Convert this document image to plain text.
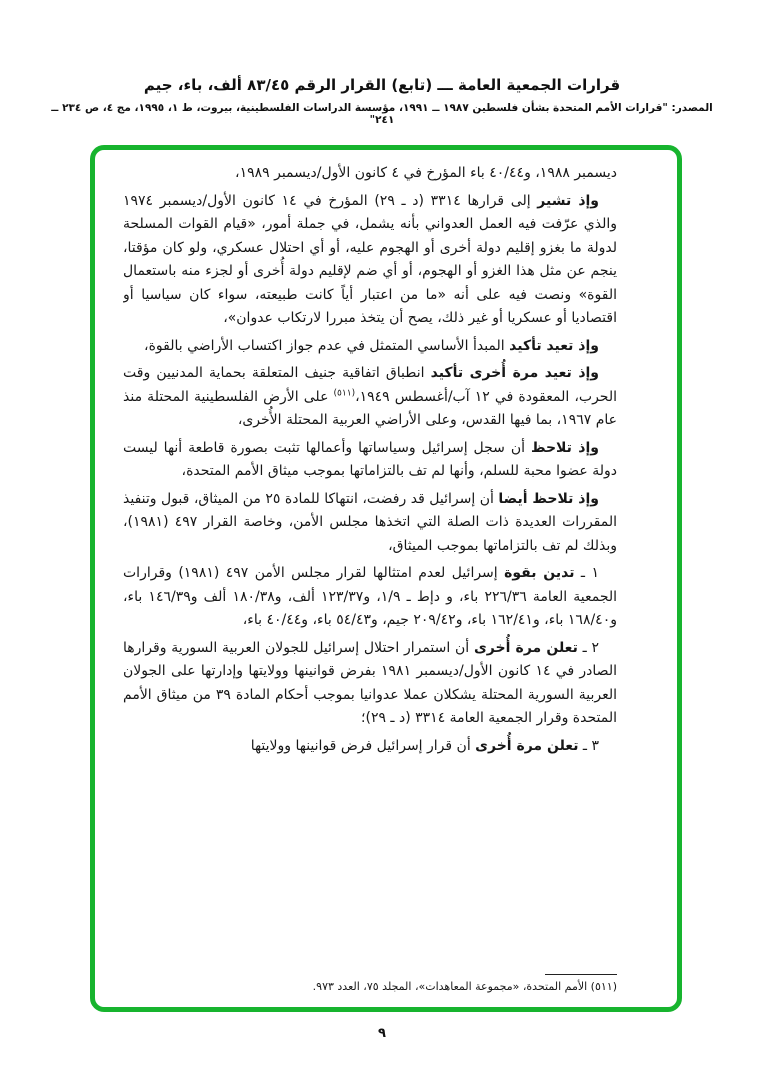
قرارات الجمعية العامة ـــ (تابع) القرار الرقم ٨٣/٤٥ ألف، باء، جيم
المصدر: "قرارات الأمم المتحدة بشأن فلسطين ١٩٨٧ ــ ١٩٩١، مؤسسة الدراسات الفلسطينية، بيروت، ط ١، ١٩٩٥، مج ٤، ص ٢٣٤ ــ ٢٤١"

ديسمبر ١٩٨٨، و٤٠/٤٤ باء المؤرخ في ٤ كانون الأول/ديسمبر ١٩٨٩،

وإذ تشير إلى قرارها ٣٣١٤ (د ـ ٢٩) المؤرخ في ١٤ كانون الأول/ديسمبر ١٩٧٤ والذي عرّفت فيه العمل العدواني بأنه يشمل، في جملة أمور، «قيام القوات المسلحة لدولة ما بغزو إقليم دولة أخرى أو الهجوم عليه، أو أي احتلال عسكري، ولو كان مؤقتا، ينجم عن مثل هذا الغزو أو الهجوم، أو أي ضم لإقليم دولة أُخرى أو لجزء منه باستعمال القوة» ونصت فيه على أنه «ما من اعتبار أياً كانت طبيعته، سواء كان سياسيا أو اقتصاديا أو عسكريا أو غير ذلك، يصح أن يتخذ مبررا لارتكاب عدوان»،

وإذ تعيد تأكيد المبدأ الأساسي المتمثل في عدم جواز اكتساب الأراضي بالقوة،

وإذ تعيد مرة أُخرى تأكيد انطباق اتفاقية جنيف المتعلقة بحماية المدنيين وقت الحرب، المعقودة في ١٢ آب/أغسطس ١٩٤٩،$^{(٥١١)}$ على الأرض الفلسطينية المحتلة منذ عام ١٩٦٧، بما فيها القدس، وعلى الأراضي العربية المحتلة الأُخرى،

وإذ تلاحظ أن سجل إسرائيل وسياساتها وأعمالها تثبت بصورة قاطعة أنها ليست دولة عضوا محبة للسلم، وأنها لم تف بالتزاماتها بموجب ميثاق الأمم المتحدة،

وإذ تلاحظ أيضا أن إسرائيل قد رفضت، انتهاكا للمادة ٢٥ من الميثاق، قبول وتنفيذ المقررات العديدة ذات الصلة التي اتخذها مجلس الأمن، وخاصة القرار ٤٩٧ (١٩٨١)، وبذلك لم تف بالتزاماتها بموجب الميثاق،

١ ـ تدين بقوة إسرائيل لعدم امتثالها لقرار مجلس الأمن ٤٩٧ (١٩٨١) وقرارات الجمعية العامة ٢٢٦/٣٦ باء، و دإط ـ ١/٩، و١٢٣/٣٧ ألف، و١٨٠/٣٨ ألف و١٤٦/٣٩ باء، و١٦٨/٤٠ باء، و١٦٢/٤١ باء، و٢٠٩/٤٢ جيم، و٥٤/٤٣ باء، و٤٠/٤٤ باء،

٢ ـ تعلن مرة أُخرى أن استمرار احتلال إسرائيل للجولان العربية السورية وقرارها الصادر في ١٤ كانون الأول/ديسمبر ١٩٨١ بفرض قوانينها وولايتها وإدارتها على الجولان العربية السورية المحتلة يشكلان عملا عدوانيا بموجب أحكام المادة ٣٩ من ميثاق الأمم المتحدة وقرار الجمعية العامة ٣٣١٤ (د ـ ٢٩)؛

٣ ـ تعلن مرة أُخرى أن قرار إسرائيل فرض قوانينها وولايتها

(٥١١) الأمم المتحدة، «مجموعة المعاهدات»، المجلد ٧٥، العدد ٩٧٣.
٩
